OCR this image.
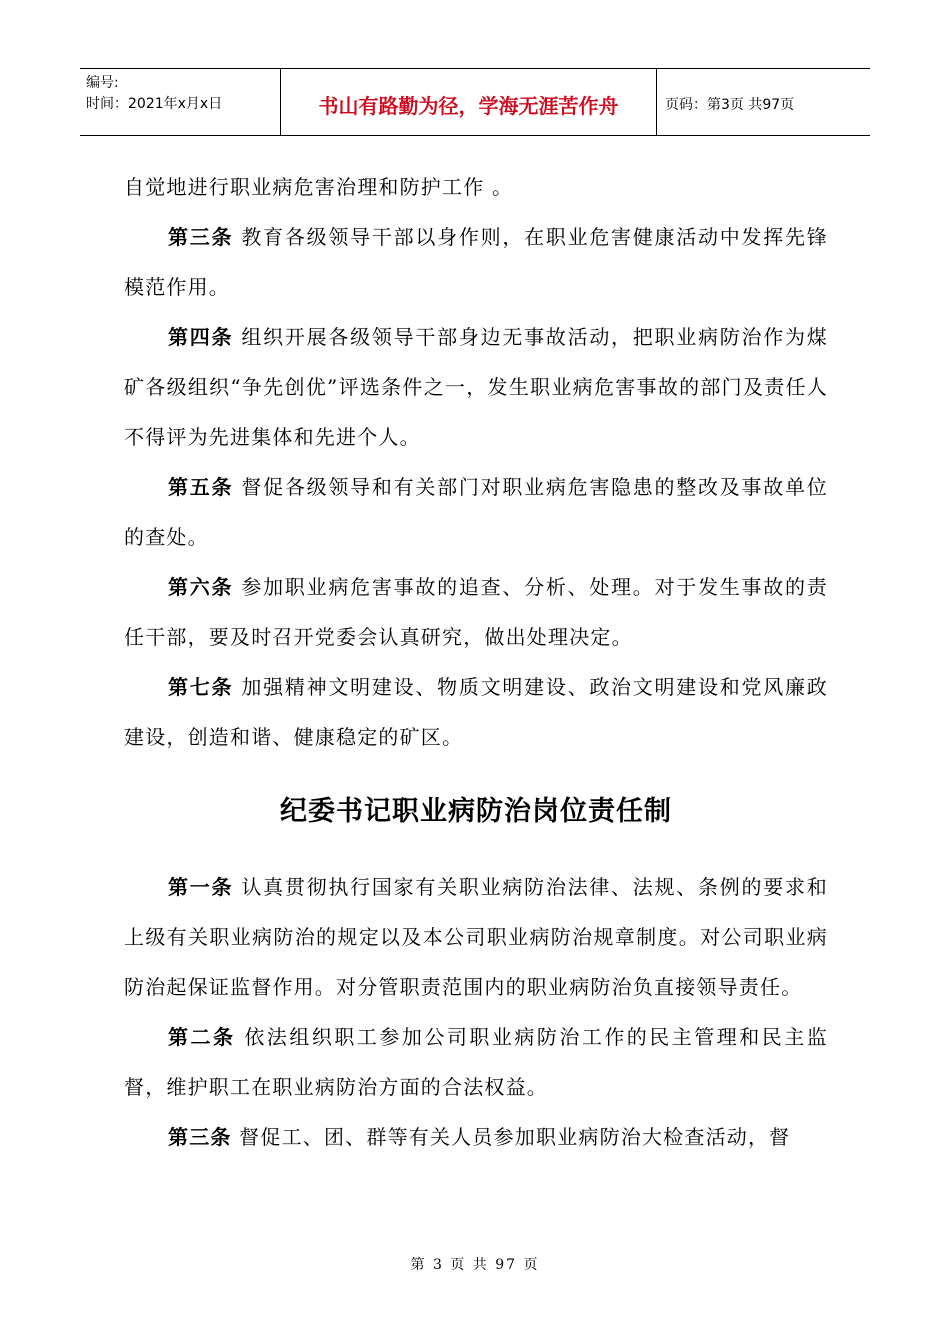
编号:
时间：2021年x月x日	书山有路勤为径，学海无涯苦作舟	页码：第3页 共97页

自觉地进行职业病危害治理和防护工作 。

第三条 教育各级领导干部以身作则，在职业危害健康活动中发挥先锋模范作用。

第四条 组织开展各级领导干部身边无事故活动，把职业病防治作为煤矿各级组织“争先创优”评选条件之一，发生职业病危害事故的部门及责任人不得评为先进集体和先进个人。

第五条 督促各级领导和有关部门对职业病危害隐患的整改及事故单位的查处。

第六条 参加职业病危害事故的追查、分析、处理。对于发生事故的责任干部，要及时召开党委会认真研究，做出处理决定。

第七条 加强精神文明建设、物质文明建设、政治文明建设和党风廉政建设，创造和谐、健康稳定的矿区。

纪委书记职业病防治岗位责任制

第一条 认真贯彻执行国家有关职业病防治法律、法规、条例的要求和上级有关职业病防治的规定以及本公司职业病防治规章制度。对公司职业病防治起保证监督作用。对分管职责范围内的职业病防治负直接领导责任。

第二条 依法组织职工参加公司职业病防治工作的民主管理和民主监督，维护职工在职业病防治方面的合法权益。

第三条 督促工、团、群等有关人员参加职业病防治大检查活动，督

第 3 页 共 97 页
